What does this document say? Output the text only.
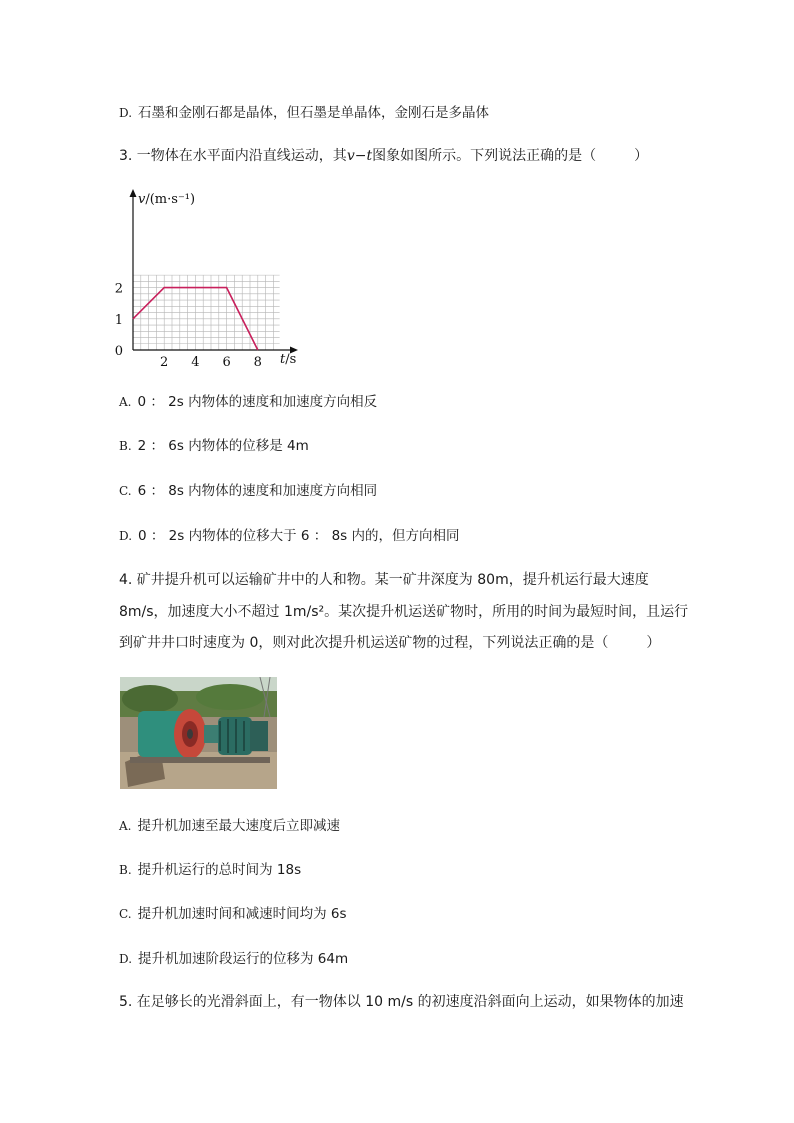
D. 石墨和金刚石都是晶体，但石墨是单晶体，金刚石是多晶体
3. 一物体在水平面内沿直线运动，其v−t图象如图所示。下列说法正确的是（	）
2 4 6 8
0
1
2
v/(m·s⁻¹)
t/s
A. 0 ： 2s 内物体的速度和加速度方向相反
B. 2 ： 6s 内物体的位移是 4m
C. 6 ： 8s 内物体的速度和加速度方向相同
D. 0 ： 2s 内物体的位移大于 6 ： 8s 内的，但方向相同
4. 矿井提升机可以运输矿井中的人和物。某一矿井深度为 80m，提升机运行最大速度
8m/s，加速度大小不超过 1m/s²。某次提升机运送矿物时，所用的时间为最短时间，且运行
到矿井井口时速度为 0，则对此次提升机运送矿物的过程，下列说法正确的是（	）
A. 提升机加速至最大速度后立即减速
B. 提升机运行的总时间为 18s
C. 提升机加速时间和减速时间均为 6s
D. 提升机加速阶段运行的位移为 64m
5. 在足够长的光滑斜面上，有一物体以 10 m/s 的初速度沿斜面向上运动，如果物体的加速
